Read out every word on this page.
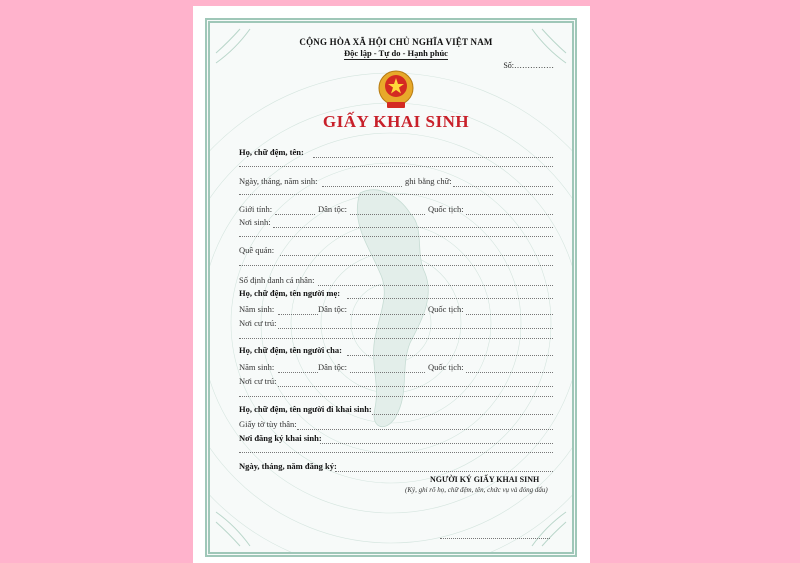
CỘNG HÒA XÃ HỘI CHỦ NGHĨA VIỆT NAM
Độc lập - Tự do - Hạnh phúc
Số:……………
GIẤY KHAI SINH
Họ, chữ đệm, tên:
Ngày, tháng, năm sinh:	ghi bằng chữ:
Giới tính:	Dân tộc:	Quốc tịch:
Nơi sinh:
Quê quán:
Số định danh cá nhân:
Họ, chữ đệm, tên người mẹ:
Năm sinh:	Dân tộc:	Quốc tịch:
Nơi cư trú:
Họ, chữ đệm, tên người cha:
Năm sinh:	Dân tộc:	Quốc tịch:
Nơi cư trú:
Họ, chữ đệm, tên người đi khai sinh:
Giấy tờ tùy thân:
Nơi đăng ký khai sinh:
Ngày, tháng, năm đăng ký:
NGƯỜI KÝ GIẤY KHAI SINH
(Ký, ghi rõ họ, chữ đệm, tên, chức vụ và đóng dấu)
